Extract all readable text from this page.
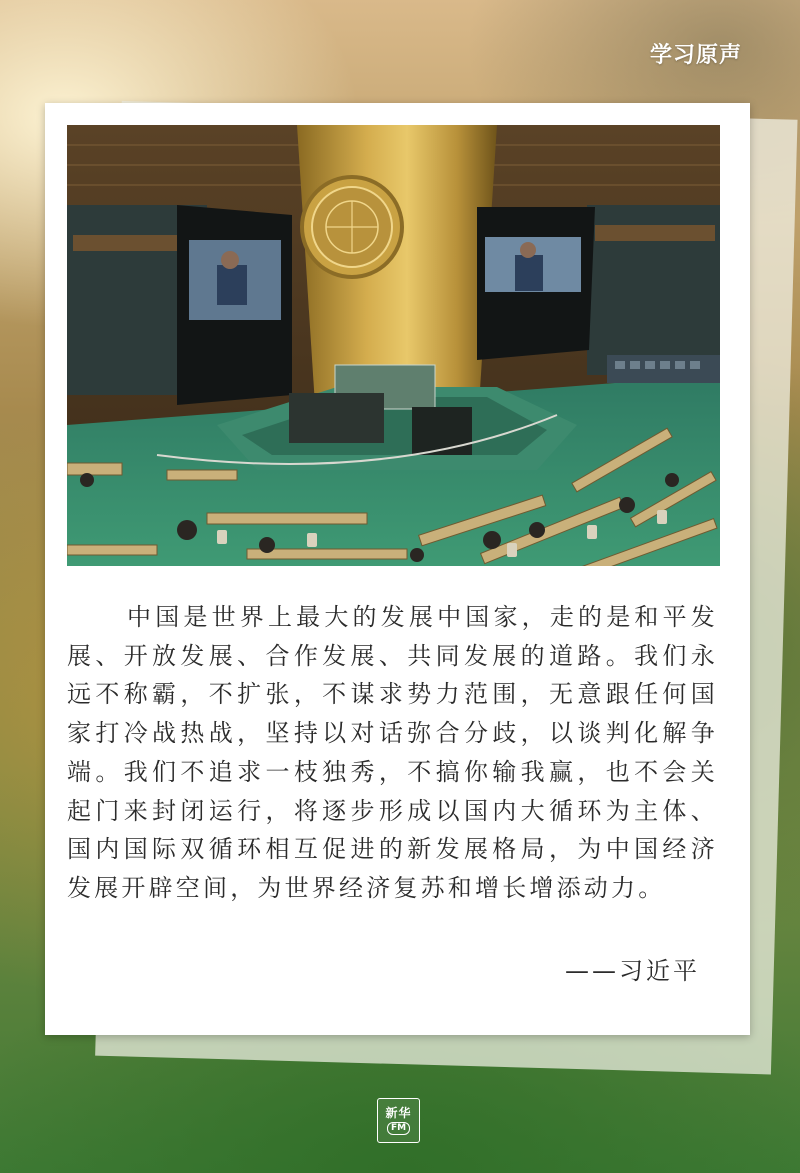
学习原声
中国是世界上最大的发展中国家，走的是和平发展、开放发展、合作发展、共同发展的道路。我们永远不称霸，不扩张，不谋求势力范围，无意跟任何国家打冷战热战，坚持以对话弥合分歧，以谈判化解争端。我们不追求一枝独秀，不搞你输我赢，也不会关起门来封闭运行，将逐步形成以国内大循环为主体、国内国际双循环相互促进的新发展格局，为中国经济发展开辟空间，为世界经济复苏和增长增添动力。
——习近平
新华
FM
